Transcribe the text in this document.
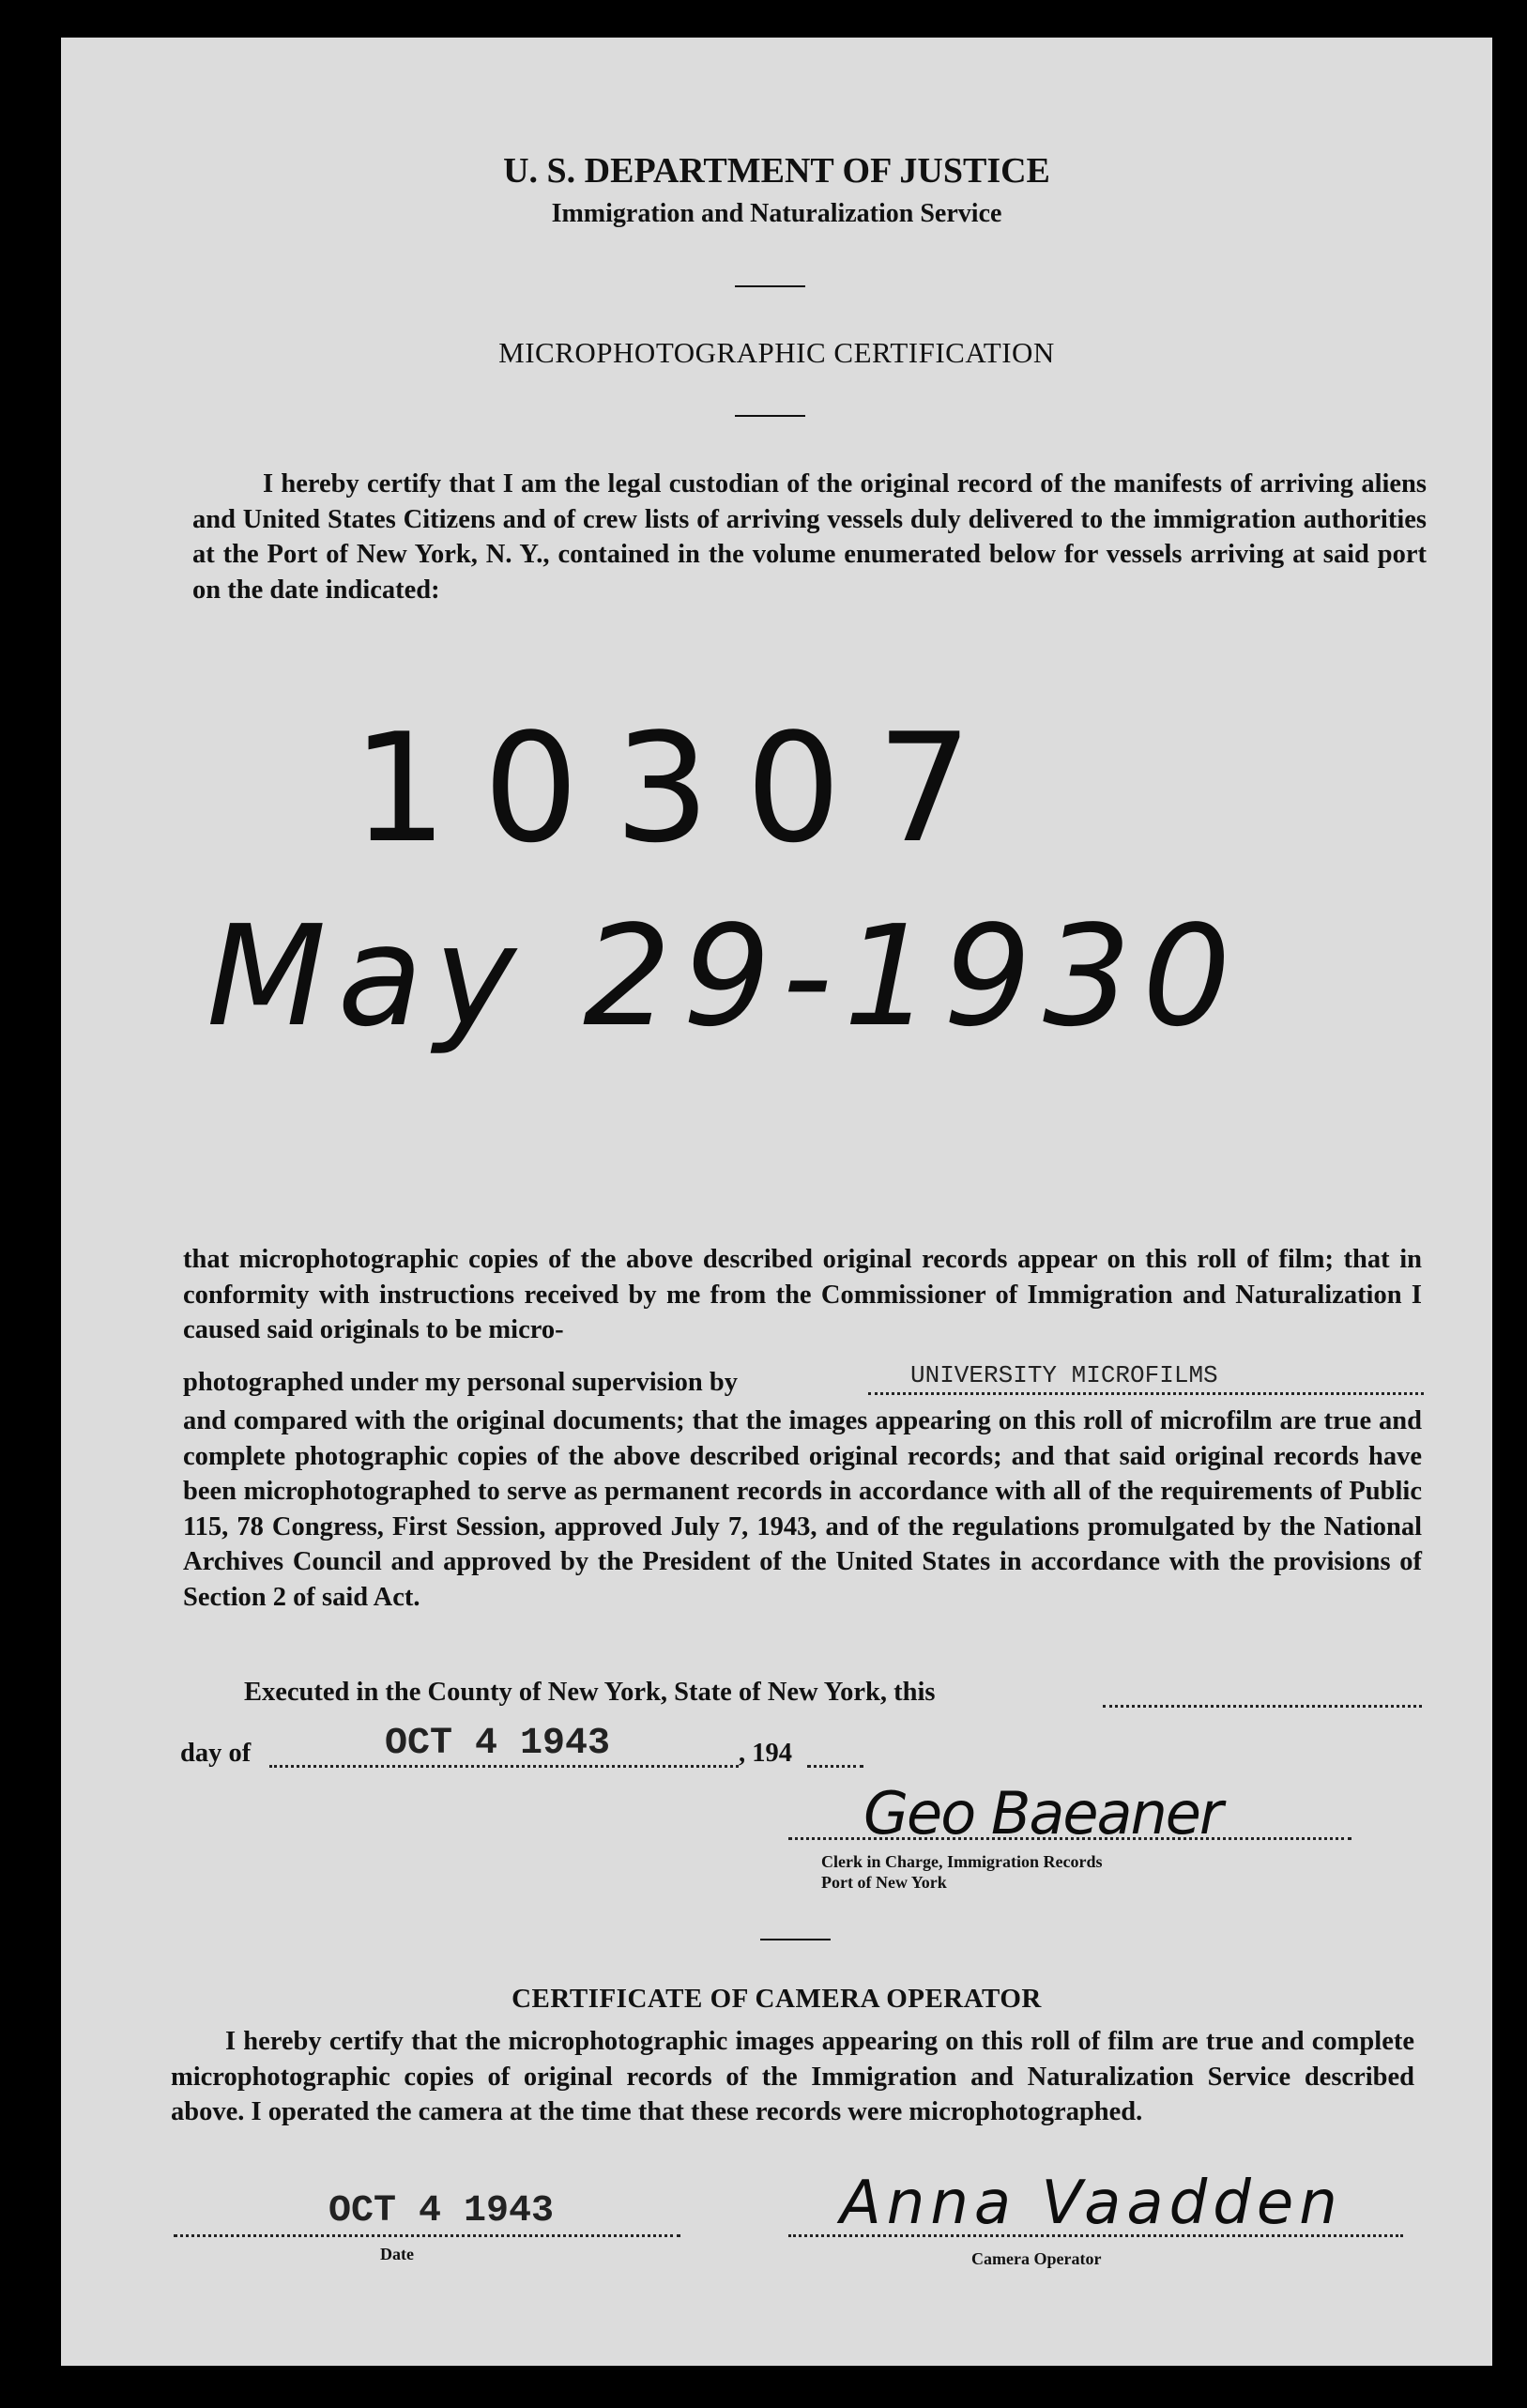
U. S. DEPARTMENT OF JUSTICE
Immigration and Naturalization Service
MICROPHOTOGRAPHIC CERTIFICATION
I hereby certify that I am the legal custodian of the original record of the manifests of arriving aliens and United States Citizens and of crew lists of arriving vessels duly delivered to the immigration authorities at the Port of New York, N. Y., contained in the volume enumerated below for vessels arriving at said port on the date indicated:
10307
May 29-1930
that microphotographic copies of the above described original records appear on this roll of film; that in conformity with instructions received by me from the Commissioner of Immigration and Naturalization I caused said originals to be micro-
photographed under my personal supervision by	UNIVERSITY MICROFILMS
and compared with the original documents; that the images appearing on this roll of microfilm are true and complete photographic copies of the above described original records; and that said original records have been microphotographed to serve as permanent records in accordance with all of the requirements of Public 115, 78 Congress, First Session, approved July 7, 1943, and of the regulations promulgated by the National Archives Council and approved by the President of the United States in accordance with the provisions of Section 2 of said Act.
Executed in the County of New York, State of New York, this
day of	OCT 4 1943	, 194
Geo Baeaner
Clerk in Charge, Immigration Records
Port of New York
CERTIFICATE OF CAMERA OPERATOR
I hereby certify that the microphotographic images appearing on this roll of film are true and complete microphotographic copies of original records of the Immigration and Naturalization Service described above. I operated the camera at the time that these records were microphotographed.
OCT 4 1943
Date
Anna Vaadden
Camera Operator
